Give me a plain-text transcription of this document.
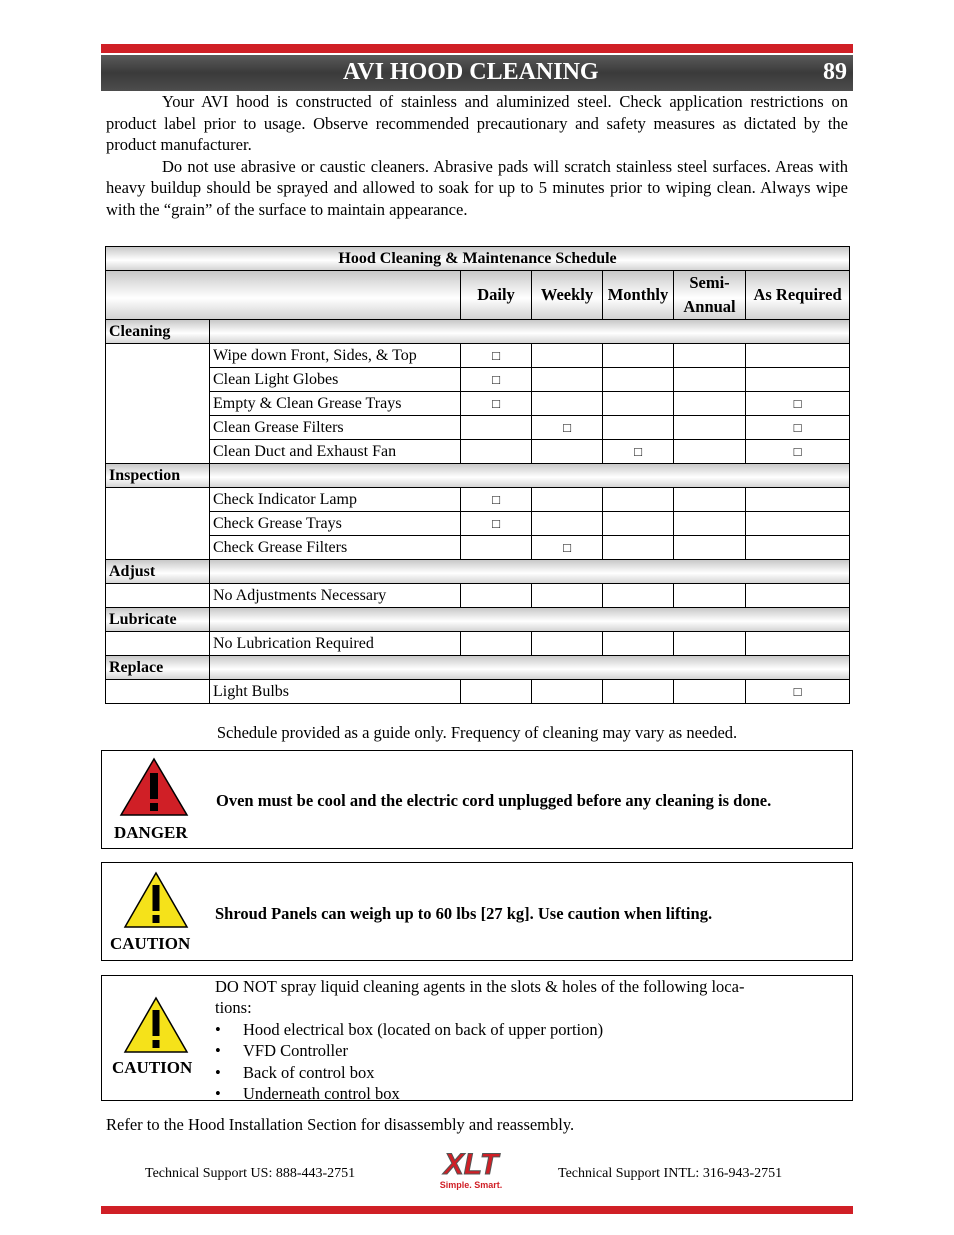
AVI HOOD CLEANING	89

Your AVI hood is constructed of stainless and aluminized steel. Check application restrictions on product label prior to usage. Observe recommended precautionary and safety measures as dictated by the product manufacturer.

Do not use abrasive or caustic cleaners. Abrasive pads will scratch stainless steel surfaces. Areas with heavy buildup should be sprayed and allowed to soak for up to 5 minutes prior to wiping clean. Always wipe with the “grain” of the surface to maintain appearance.

Hood Cleaning & Maintenance Schedule						
		Daily	Weekly	Monthly	Semi-
Annual	As Required
Cleaning						
	Wipe down Front, Sides, & Top	□				
	Clean Light Globes	□				
	Empty & Clean Grease Trays	□				□
	Clean Grease Filters		□			□
	Clean Duct and Exhaust Fan			□		□
Inspection						
	Check Indicator Lamp	□				
	Check Grease Trays	□				
	Check Grease Filters		□			
Adjust						
	No Adjustments Necessary					
Lubricate						
	No Lubrication Required					
Replace						
	Light Bulbs					□
Schedule provided as a guide only. Frequency of cleaning may vary as needed.
DANGER
Oven must be cool and the electric cord unplugged before any cleaning is done.
CAUTION
Shroud Panels can weigh up to 60 lbs [27 kg]. Use caution when lifting.
CAUTION
DO NOT spray liquid cleaning agents in the slots & holes of the following loca-
tions:
• Hood electrical box (located on back of upper portion)
• VFD Controller
• Back of control box
• Underneath control box
Refer to the Hood Installation Section for disassembly and reassembly.
Technical Support US: 888-443-2751	XLT
Simple. Smart.
Technical Support INTL: 316-943-2751
